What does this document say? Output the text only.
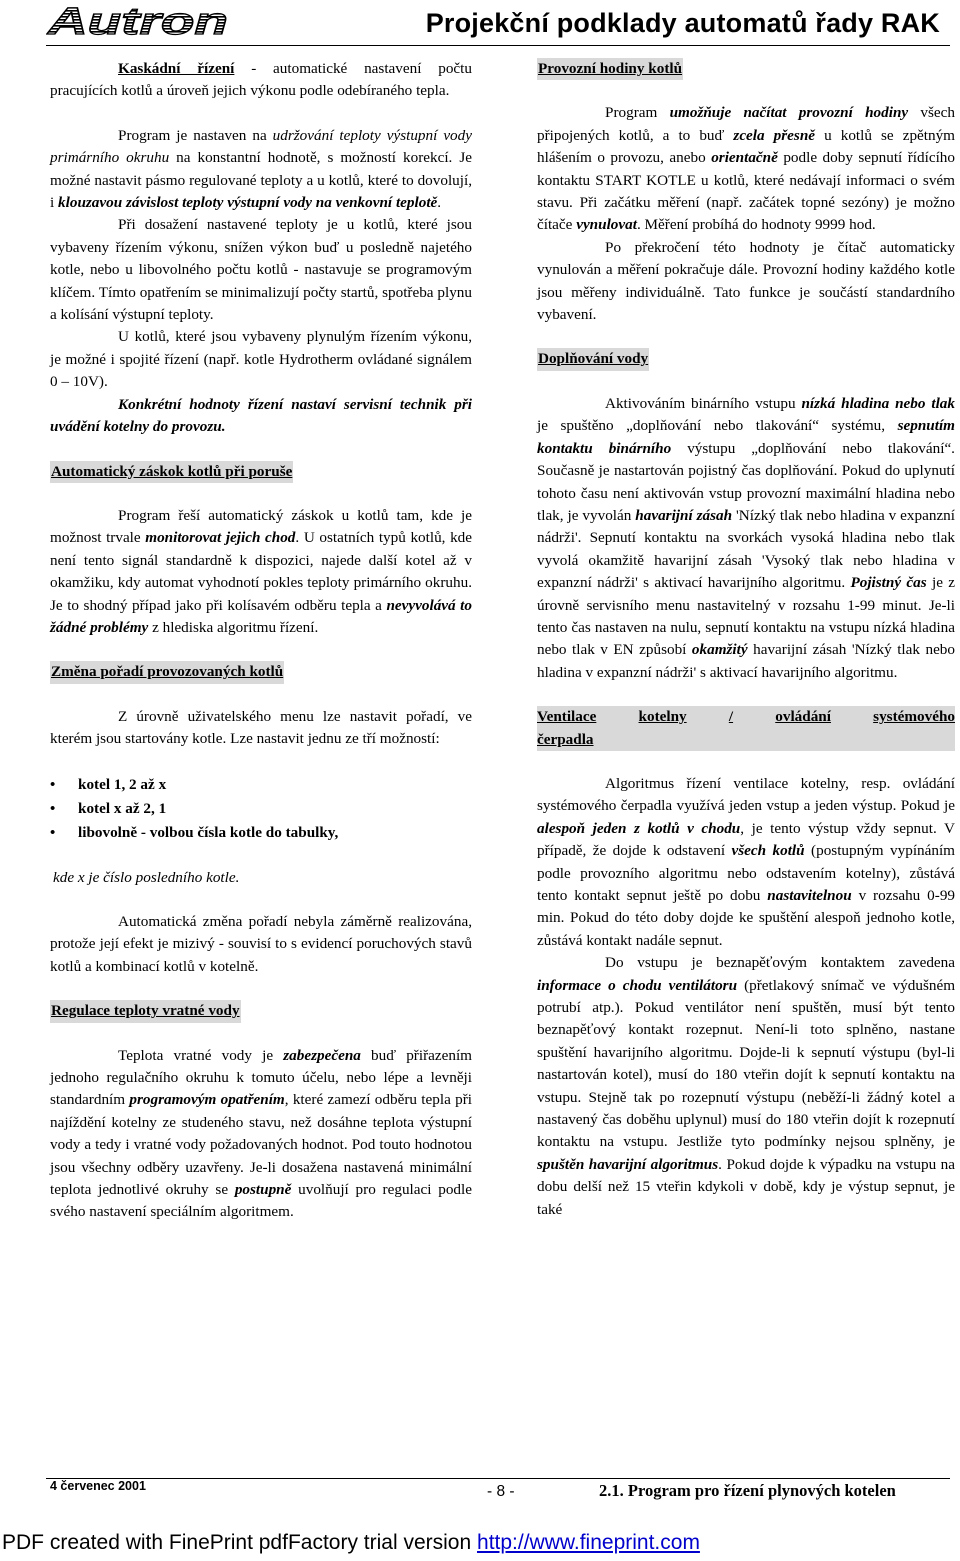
Autron	Projekční podklady automatů řady RAK

Kaskádní řízení - automatické nastavení počtu pracujících kotlů a úroveň jejich výkonu podle odebíraného tepla.

Program je nastaven na udržování teploty výstupní vody primárního okruhu na konstantní hodnotě, s možností korekcí. Je možné nastavit pásmo regulované teploty a u kotlů, které to dovolují, i klouzavou závislost teploty výstupní vody na venkovní teplotě.

Při dosažení nastavené teploty je u kotlů, které jsou vybaveny řízením výkonu, snížen výkon buď u posledně najetého kotle, nebo u libovolného počtu kotlů - nastavuje se programovým klíčem. Tímto opatřením se minimalizují počty startů, spotřeba plynu a kolísání výstupní teploty.

U kotlů, které jsou vybaveny plynulým řízením výkonu, je možné i spojité řízení (např. kotle Hydrotherm ovládané signálem 0 – 10V).

Konkrétní hodnoty řízení nastaví servisní technik při uvádění kotelny do provozu.

Automatický záskok kotlů při poruše

Program řeší automatický záskok u kotlů tam, kde je možnost trvale monitorovat jejich chod. U ostatních typů kotlů, kde není tento signál standardně k dispozici, najede další kotel až v okamžiku, kdy automat vyhodnotí pokles teploty primárního okruhu. Je to shodný případ jako při kolísavém odběru tepla a nevyvolává to žádné problémy z hlediska algoritmu řízení.

Změna pořadí provozovaných kotlů

Z úrovně uživatelského menu lze nastavit pořadí, ve kterém jsou startovány kotle. Lze nastavit jednu ze tří možností:

• kotel 1, 2 až x
• kotel x až 2, 1
• libovolně - volbou čísla kotle do tabulky,

kde x je číslo posledního kotle.

Automatická změna pořadí nebyla záměrně realizována, protože její efekt je mizivý - souvisí to s evidencí poruchových stavů kotlů a kombinací kotlů v kotelně.

Regulace teploty vratné vody

Teplota vratné vody je zabezpečena buď přiřazením jednoho regulačního okruhu k tomuto účelu, nebo lépe a levněji standardním programovým opatřením, které zamezí odběru tepla při najíždění kotelny ze studeného stavu, než dosáhne teplota výstupní vody a tedy i vratné vody požadovaných hodnot. Pod touto hodnotou jsou všechny odběry uzavřeny. Je-li dosažena nastavená minimální teplota jednotlivé okruhy se postupně uvolňují pro regulaci podle svého nastavení speciálním algoritmem.

Provozní hodiny kotlů

Program umožňuje načítat provozní hodiny všech připojených kotlů, a to buď zcela přesně u kotlů se zpětným hlášením o provozu, anebo orientačně podle doby sepnutí řídícího kontaktu START KOTLE u kotlů, které nedávají informaci o svém stavu. Při začátku měření (např. začátek topné sezóny) je možno čítače vynulovat. Měření probíhá do hodnoty 9999 hod.

Po překročení této hodnoty je čítač automaticky vynulován a měření pokračuje dále. Provozní hodiny každého kotle jsou měřeny individuálně. Tato funkce je součástí standardního vybavení.

Doplňování vody

Aktivováním binárního vstupu nízká hladina nebo tlak je spuštěno „doplňování nebo tlakování“ systému, sepnutím kontaktu binárního výstupu „doplňování nebo tlakování“. Současně je nastartován pojistný čas doplňování. Pokud do uplynutí tohoto času není aktivován vstup provozní maximální hladina nebo tlak, je vyvolán havarijní zásah 'Nízký tlak nebo hladina v expanzní nádrži'. Sepnutí kontaktu na svorkách vysoká hladina nebo tlak vyvolá okamžitě havarijní zásah 'Vysoký tlak nebo hladina v expanzní nádrži' s aktivací havarijního algoritmu. Pojistný čas je z úrovně servisního menu nastavitelný v rozsahu 1-99 minut. Je-li tento čas nastaven na nulu, sepnutí kontaktu na vstupu nízká hladina nebo tlak v EN způsobí okamžitý havarijní zásah 'Nízký tlak nebo hladina v expanzní nádrži' s aktivací havarijního algoritmu.

Ventilace	kotelny	/	ovládání	systémového
čerpadla

Algoritmus řízení ventilace kotelny, resp. ovládání systémového čerpadla využívá jeden vstup a jeden výstup. Pokud je alespoň jeden z kotlů v chodu, je tento výstup vždy sepnut. V případě, že dojde k odstavení všech kotlů (postupným vypínáním podle provozního algoritmu nebo odstavením kotelny), zůstává tento kontakt sepnut ještě po dobu nastavitelnou v rozsahu 0-99 min. Pokud do této doby dojde ke spuštění alespoň jednoho kotle, zůstává kontakt nadále sepnut.

Do vstupu je beznapěťovým kontaktem zavedena informace o chodu ventilátoru (přetlakový snímač ve výdušném potrubí atp.). Pokud ventilátor není spuštěn, musí být tento beznapěťový kontakt rozepnut. Není-li toto splněno, nastane spuštění havarijního algoritmu. Dojde-li k sepnutí výstupu (byl-li nastartován kotel), musí do 180 vteřin dojít k sepnutí kontaktu na vstupu. Stejně tak po rozepnutí výstupu (neběží-li žádný kotel a nastavený čas doběhu uplynul) musí do 180 vteřin dojít k rozepnutí kontaktu na vstupu. Jestliže tyto podmínky nejsou splněny, je spuštěn havarijní algoritmus. Pokud dojde k výpadku na vstupu na dobu delší než 15 vteřin kdykoli v době, kdy je výstup sepnut, je také

4 červenec 2001	- 8 -	2.1. Program pro řízení plynových kotelen
PDF created with FinePrint pdfFactory trial version http://www.fineprint.com
